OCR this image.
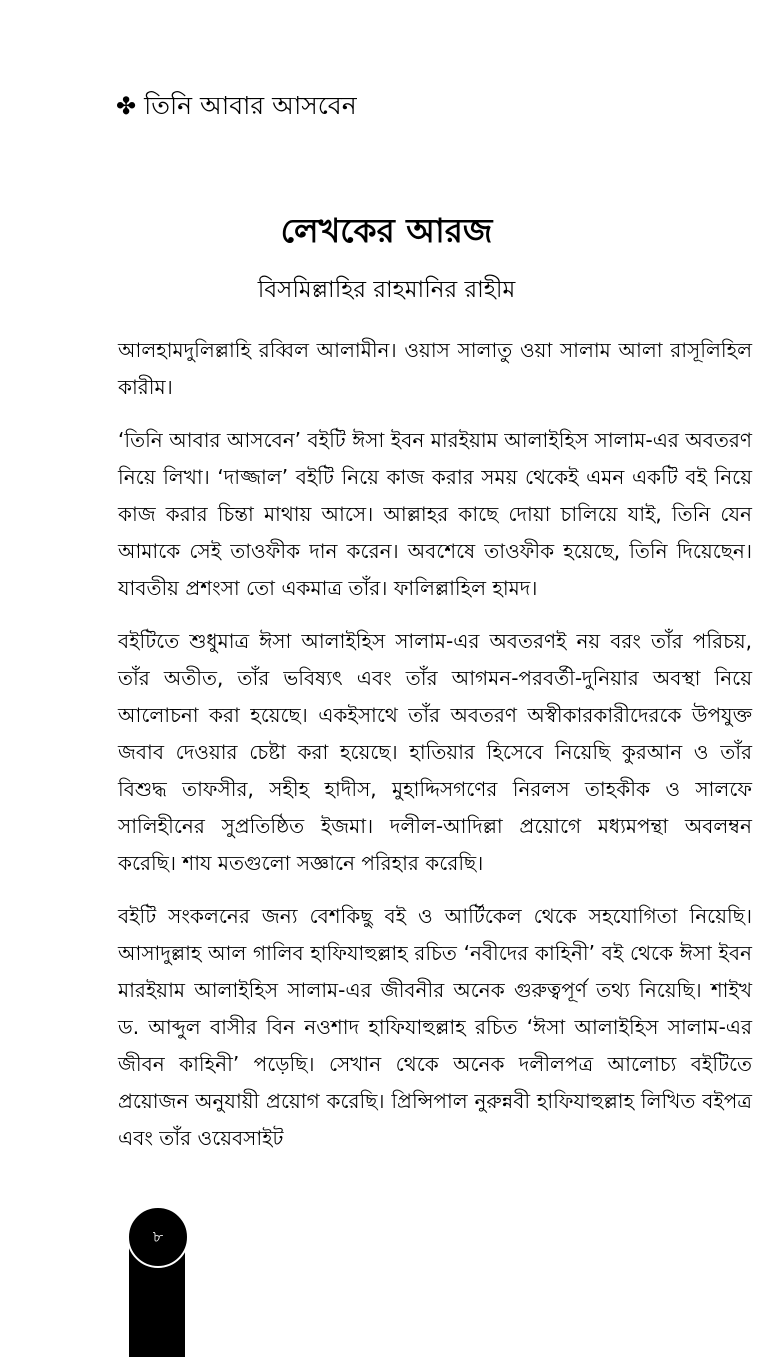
✤ তিনি আবার আসবেন
লেখকের আরজ
বিসমিল্লাহির রাহমানির রাহীম

আলহামদুলিল্লাহি রব্বিল আলামীন। ওয়াস সালাতু ওয়া সালাম আলা রাসূলিহিল কারীম।

‘তিনি আবার আসবেন’ বইটি ঈসা ইবন মারইয়াম আলাইহিস সালাম-এর অবতরণ নিয়ে লিখা। ‘দাজ্জাল’ বইটি নিয়ে কাজ করার সময় থেকেই এমন একটি বই নিয়ে কাজ করার চিন্তা মাথায় আসে। আল্লাহর কাছে দোয়া চালিয়ে যাই, তিনি যেন আমাকে সেই তাওফীক দান করেন। অবশেষে তাওফীক হয়েছে, তিনি দিয়েছেন। যাবতীয় প্রশংসা তো একমাত্র তাঁর। ফালিল্লাহিল হামদ।

বইটিতে শুধুমাত্র ঈসা আলাইহিস সালাম-এর অবতরণই নয় বরং তাঁর পরিচয়, তাঁর অতীত, তাঁর ভবিষ্যৎ এবং তাঁর আগমন-পরবর্তী-দুনিয়ার অবস্থা নিয়ে আলোচনা করা হয়েছে। একইসাথে তাঁর অবতরণ অস্বীকারকারীদেরকে উপযুক্ত জবাব দেওয়ার চেষ্টা করা হয়েছে। হাতিয়ার হিসেবে নিয়েছি কুরআন ও তাঁর বিশুদ্ধ তাফসীর, সহীহ হাদীস, মুহাদ্দিসগণের নিরলস তাহকীক ও সালফে সালিহীনের সুপ্রতিষ্ঠিত ইজমা। দলীল-আদিল্লা প্রয়োগে মধ্যমপন্থা অবলম্বন করেছি। শায মতগুলো সজ্ঞানে পরিহার করেছি।

বইটি সংকলনের জন্য বেশকিছু বই ও আর্টিকেল থেকে সহযোগিতা নিয়েছি। আসাদুল্লাহ আল গালিব হাফিযাহুল্লাহ রচিত ‘নবীদের কাহিনী’ বই থেকে ঈসা ইবন মারইয়াম আলাইহিস সালাম-এর জীবনীর অনেক গুরুত্বপূর্ণ তথ্য নিয়েছি। শাইখ ড. আব্দুল বাসীর বিন নওশাদ হাফিযাহুল্লাহ রচিত ‘ঈসা আলাইহিস সালাম-এর জীবন কাহিনী’ পড়েছি। সেখান থেকে অনেক দলীলপত্র আলোচ্য বইটিতে প্রয়োজন অনুযায়ী প্রয়োগ করেছি। প্রিন্সিপাল নুরুন্নবী হাফিযাহুল্লাহ লিখিত বইপত্র এবং তাঁর ওয়েবসাইট

৮
